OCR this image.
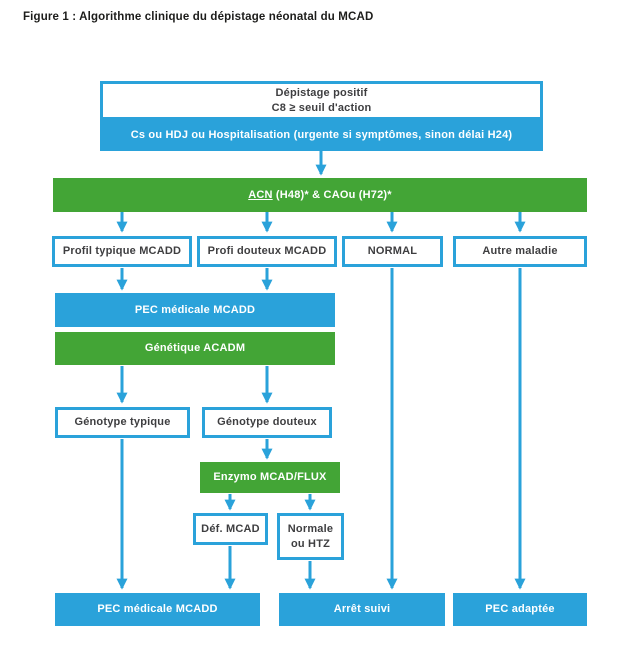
Figure 1 : Algorithme clinique du dépistage néonatal du MCAD
Dépistage positif
C8 ≥ seuil d'action
Cs ou HDJ ou Hospitalisation (urgente si symptômes, sinon délai H24)
ACN (H48)* & CAOu (H72)*
Profil typique MCADD Profi douteux MCADD	NORMAL	Autre maladie
PEC médicale MCADD
Génétique ACADM
Génotype typique	Génotype douteux
Enzymo MCAD/FLUX
Déf. MCAD	Normale
ou HTZ
PEC médicale MCADD	Arrêt suivi	PEC adaptée
